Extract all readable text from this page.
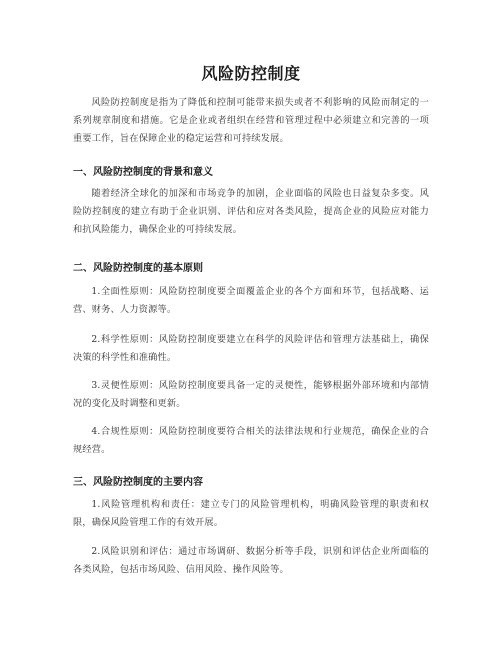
风险防控制度
风险防控制度是指为了降低和控制可能带来损失或者不利影响的风险而制定的一系列规章制度和措施。它是企业或者组织在经营和管理过程中必须建立和完善的一项重要工作，旨在保障企业的稳定运营和可持续发展。
一、风险防控制度的背景和意义
随着经济全球化的加深和市场竞争的加剧，企业面临的风险也日益复杂多变。风险防控制度的建立有助于企业识别、评估和应对各类风险，提高企业的风险应对能力和抗风险能力，确保企业的可持续发展。
二、风险防控制度的基本原则
1.全面性原则：风险防控制度要全面覆盖企业的各个方面和环节，包括战略、运营、财务、人力资源等。
2.科学性原则：风险防控制度要建立在科学的风险评估和管理方法基础上，确保决策的科学性和准确性。
3.灵便性原则：风险防控制度要具备一定的灵便性，能够根据外部环境和内部情况的变化及时调整和更新。
4.合规性原则：风险防控制度要符合相关的法律法规和行业规范，确保企业的合规经营。
三、风险防控制度的主要内容
1.风险管理机构和责任：建立专门的风险管理机构，明确风险管理的职责和权限，确保风险管理工作的有效开展。
2.风险识别和评估：通过市场调研、数据分析等手段，识别和评估企业所面临的各类风险，包括市场风险、信用风险、操作风险等。
